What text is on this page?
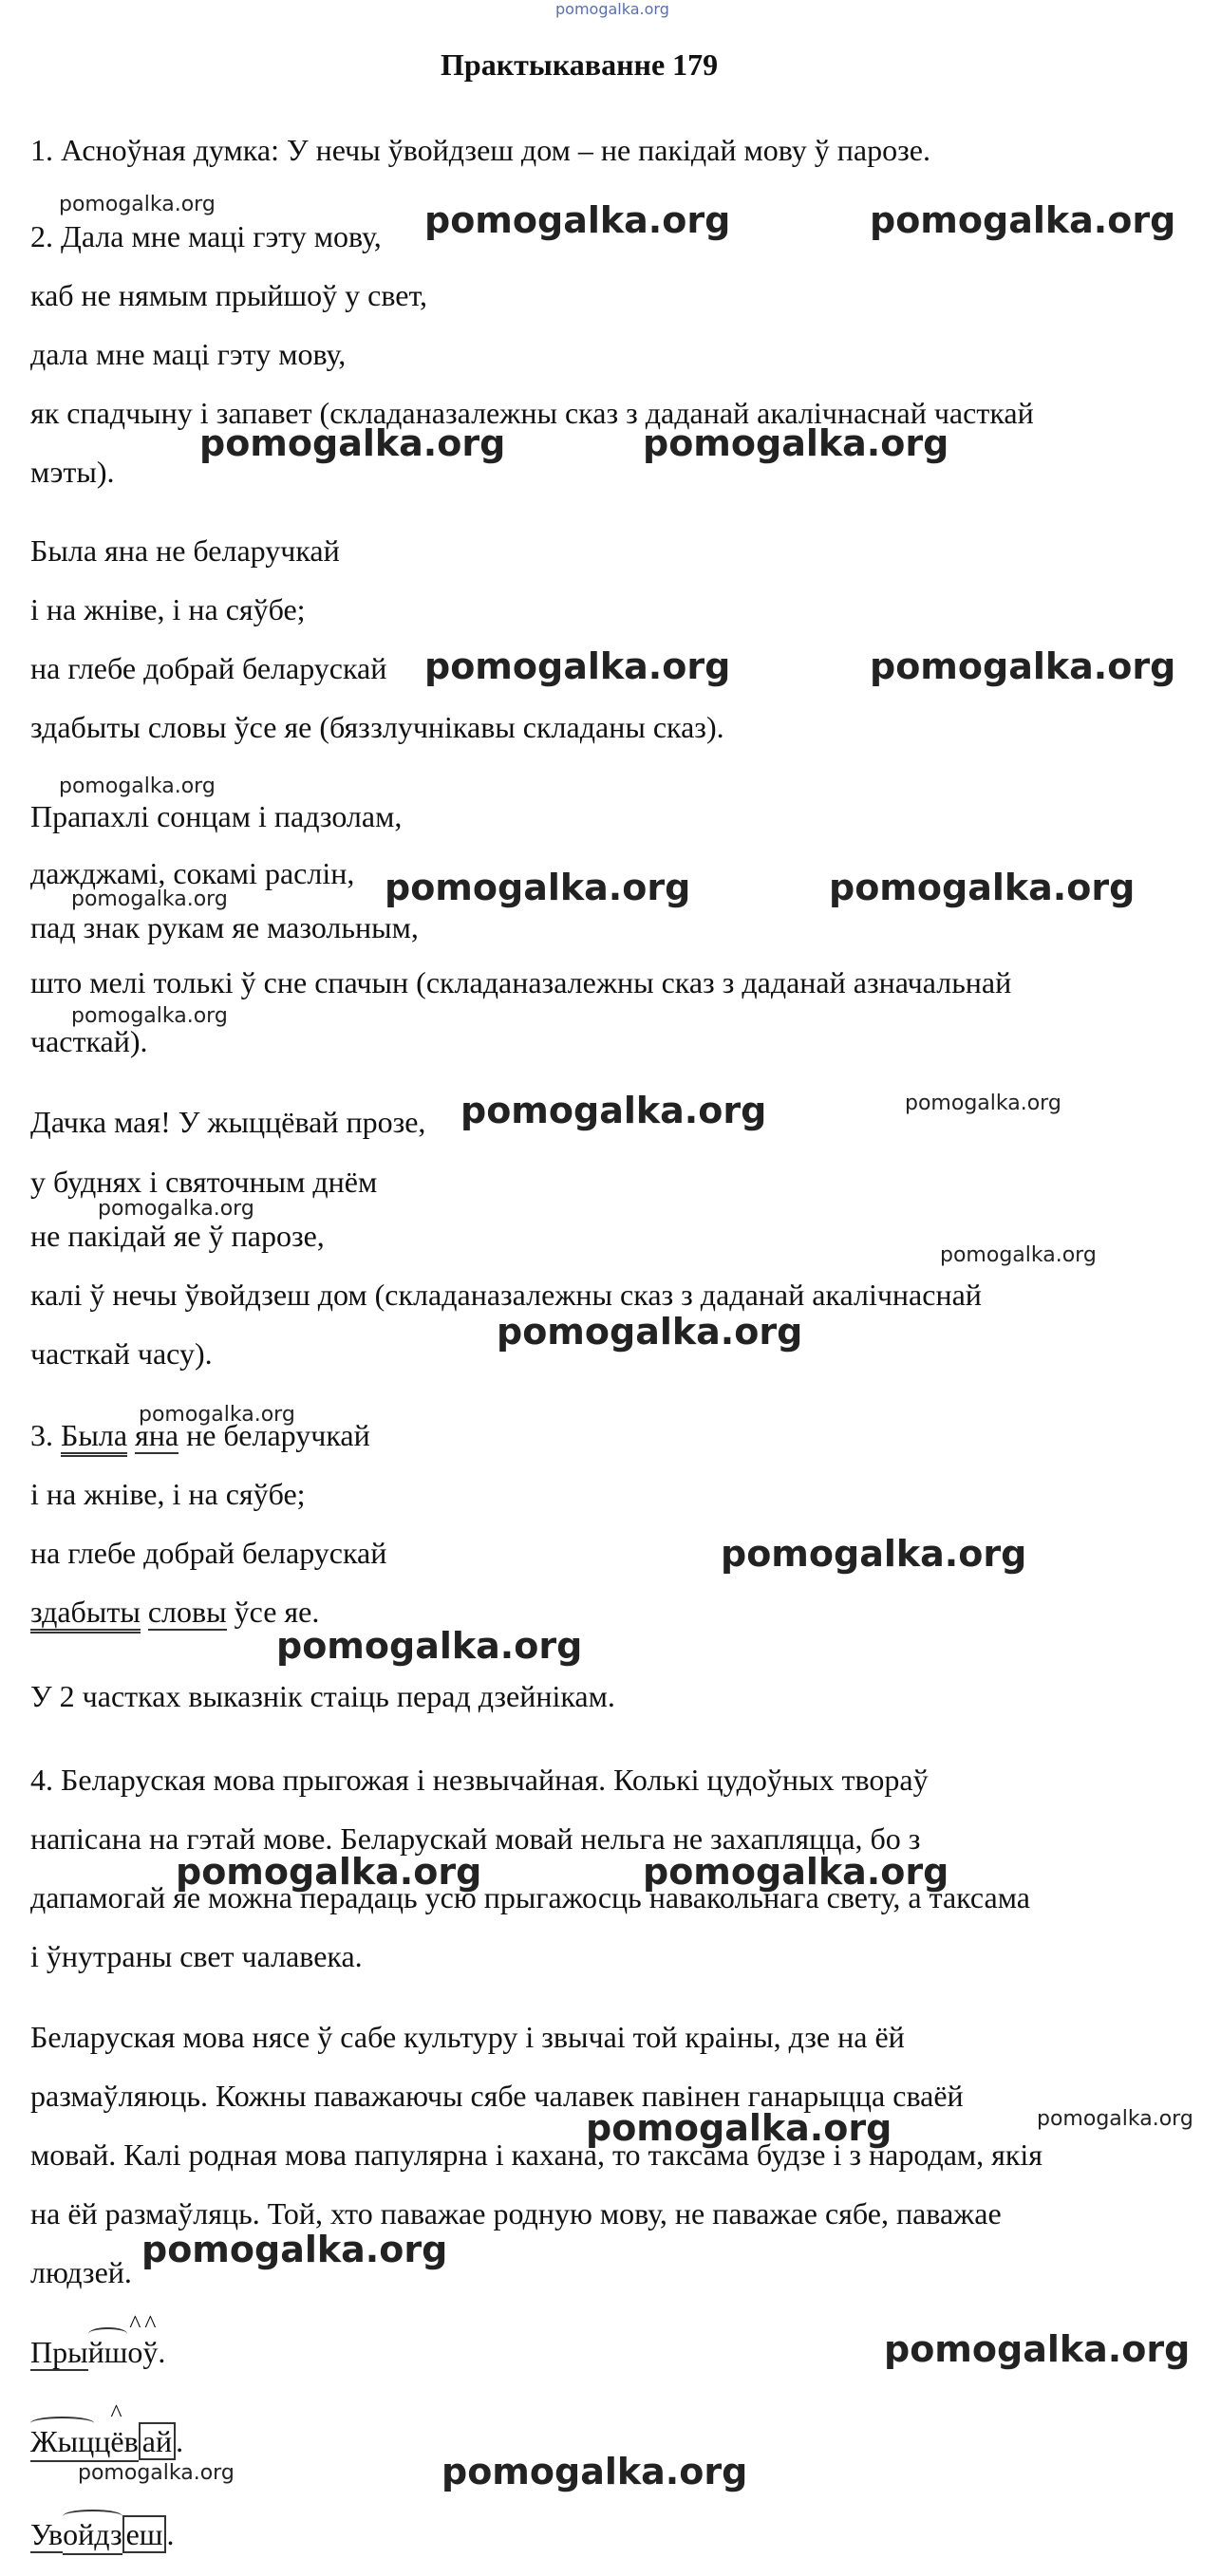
pomogalka.org
Практыкаванне 179
1. Асноўная думка: У нечы ўвойдзеш дом – не пакідай мову ў парозе.
2. Дала мне маці гэту мову,
каб не нямым прыйшоў у свет,
дала мне маці гэту мову,
як спадчыну і запавет (складаназалежны сказ з даданай акалічнаснай часткай
мэты).
Была яна не беларучкай
і на жніве, і на сяўбе;
на глебе добрай беларускай
здабыты словы ўсе яе (бяззлучнікавы складаны сказ).
Прапахлі сонцам і падзолам,
дажджамі, сокамі раслін,
пад знак рукам яе мазольным,
што мелі толькі ў сне спачын (складаназалежны сказ з даданай азначальнай
часткай).
Дачка мая! У жыццёвай прозе,
у буднях і святочным днём
не пакідай яе ў парозе,
калі ў нечы ўвойдзеш дом (складаназалежны сказ з даданай акалічнаснай
часткай часу).
3. Была яна не беларучкай
і на жніве, і на сяўбе;
на глебе добрай беларускай
здабыты словы ўсе яе.
У 2 частках выказнік стаіць перад дзейнікам.
4. Беларуская мова прыгожая і незвычайная. Колькі цудоўных твораў
напісана на гэтай мове. Беларускай мовай нельга не захапляцца, бо з
дапамогай яе можна перадаць усю прыгажосць навакольнага свету, а таксама
і ўнутраны свет чалавека.
Беларуская мова нясе ў сабе культуру і звычаі той краіны, дзе на ёй
размаўляюць. Кожны паважаючы сябе чалавек павінен ганарыцца сваёй
мовай. Калі родная мова папулярна і кахана, то таксама будзе і з народам, якія
на ёй размаўляць. Той, хто паважае родную мову, не паважае сябе, паважае
людзей.
Прыйш^ о^ ў.
Жыц^ цёв ай .
Увойдз еш .
pomogalka.org	pomogalka.org	pomogalka.org
pomogalka.org	pomogalka.org
pomogalka.org	pomogalka.org
pomogalka.org
pomogalka.org	pomogalka.org	pomogalka.org
pomogalka.org
pomogalka.org	pomogalka.org
pomogalka.org
pomogalka.org
pomogalka.org
pomogalka.org
pomogalka.org
pomogalka.org
pomogalka.org	pomogalka.org
pomogalka.org	pomogalka.org
pomogalka.org
pomogalka.org
pomogalka.org	pomogalka.org
